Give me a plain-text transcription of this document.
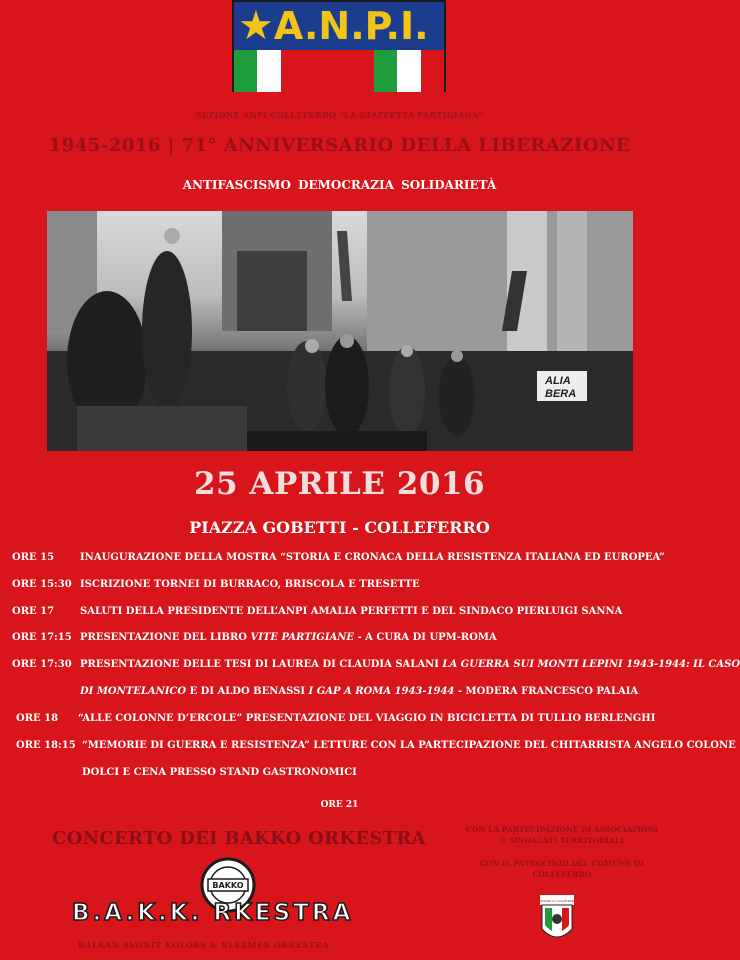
★A.N.P.I.
SEZIONE ANPI COLLEFERRO "LA STAFFETTA PARTIGIANA"
1945-2016 | 71° ANNIVERSARIO DELLA LIBERAZIONE
ANTIFASCISMO DEMOCRAZIA SOLIDARIETÀ
ALIA
BERA
25 APRILE 2016
PIAZZA GOBETTI - COLLEFERRO
ORE 15	INAUGURAZIONE DELLA MOSTRA “STORIA E CRONACA DELLA RESISTENZA ITALIANA ED EUROPEA”
ORE 15:30 ISCRIZIONE TORNEI DI BURRACO, BRISCOLA E TRESETTE
ORE 17	SALUTI DELLA PRESIDENTE DELL’ANPI AMALIA PERFETTI E DEL SINDACO PIERLUIGI SANNA
ORE 17:15 PRESENTAZIONE DEL LIBRO VITE PARTIGIANE - A CURA DI UPM-ROMA
ORE 17:30 PRESENTAZIONE DELLE TESI DI LAUREA DI CLAUDIA SALANI LA GUERRA SUI MONTI LEPINI 1943-1944: IL CASO
DI MONTELANICO E DI ALDO BENASSI I GAP A ROMA 1943-1944 - MODERA FRANCESCO PALAIA
ORE 18 “ALLE COLONNE D’ERCOLE” PRESENTAZIONE DEL VIAGGIO IN BICICLETTA DI TULLIO BERLENGHI
ORE 18:15 “MEMORIE DI GUERRA E RESISTENZA” LETTURE CON LA PARTECIPAZIONE DEL CHITARRISTA ANGELO COLONE
DOLCI E CENA PRESSO STAND GASTRONOMICI
ORE 21
CONCERTO DEI BAKKO ORKESTRA	CON LA PARTECIPAZIONE DI ASSOCIAZIONI
E SINDACATI TERRITORIALI
CON IL PATROCINIO DEL COMUNE DI
COLLEFERRO
BAKKO
B.A.K.K. RKESTRA
BALKAN AVONIT KOLORS & KLEZMER ORKESTRA
COMUNE DI COLLEFERRO
